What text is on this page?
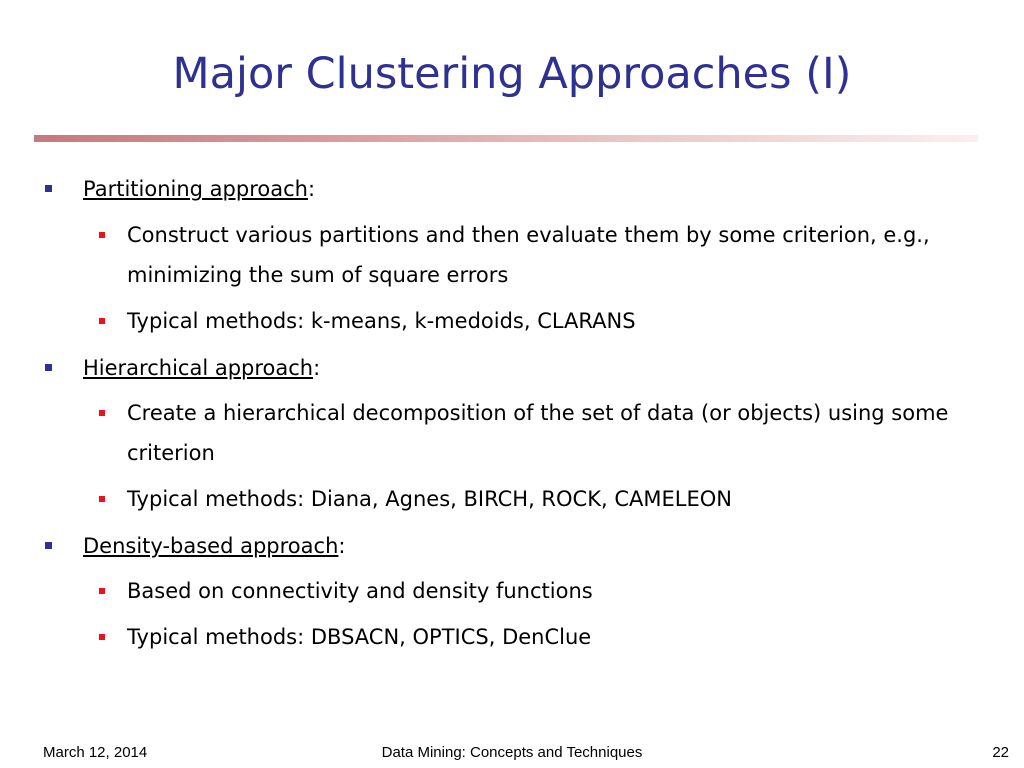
Major Clustering Approaches (I)
Partitioning approach:
Construct various partitions and then evaluate them by some criterion, e.g., minimizing the sum of square errors
Typical methods: k-means, k-medoids, CLARANS
Hierarchical approach:
Create a hierarchical decomposition of the set of data (or objects) using some criterion
Typical methods: Diana, Agnes, BIRCH, ROCK, CAMELEON
Density-based approach:
Based on connectivity and density functions
Typical methods: DBSACN, OPTICS, DenClue
March 12, 2014	Data Mining: Concepts and Techniques	22
